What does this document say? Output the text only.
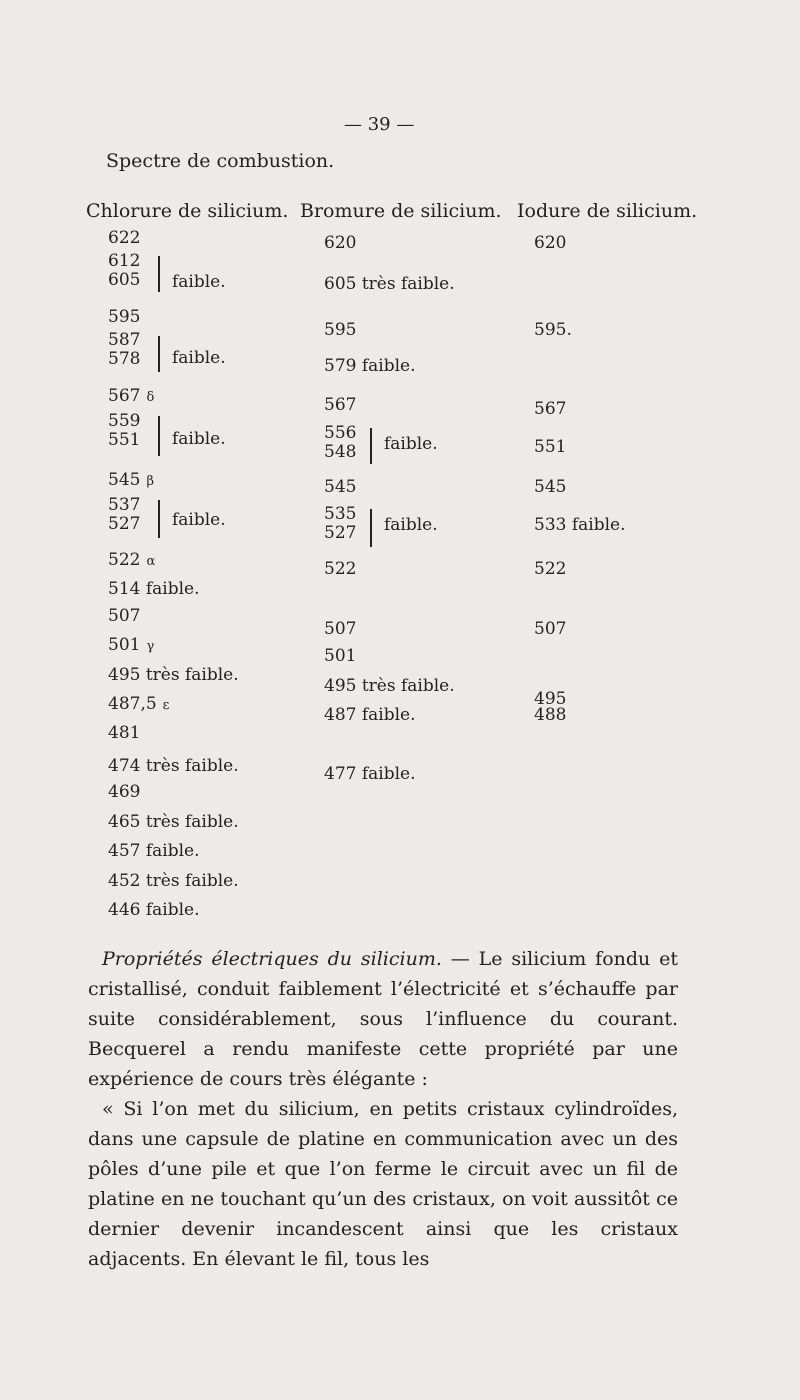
— 39 —
Spectre de combustion.
Chlorure de silicium. Bromure de silicium. Iodure de silicium.
622
612
605 faible.
595
587
578 faible.
567 δ
559
551 faible.
545 β
537
527 faible.
522 α
514 faible.
507
501 γ
495 très faible.
487,5 ε
481
474 très faible.
469
465 très faible.
457 faible.
452 très faible.
446 faible.
620
605 très faible.
595
579 faible.
567
556
548 faible.
545
535
527 faible.
522
507
501
495 très faible.
487 faible.
477 faible.
620
595.
567
551
545
533 faible.
522
507
495
488

Propriétés électriques du silicium. — Le silicium fondu et cristallisé, conduit faiblement l’électricité et s’échauffe par suite considérablement, sous l’influence du courant. Becquerel a rendu manifeste cette propriété par une expérience de cours très élégante :

« Si l’on met du silicium, en petits cristaux cylindroïdes, dans une capsule de platine en communication avec un des pôles d’une pile et que l’on ferme le circuit avec un fil de platine en ne touchant qu’un des cristaux, on voit aussitôt ce dernier devenir incandescent ainsi que les cristaux adjacents. En élevant le fil, tous les
